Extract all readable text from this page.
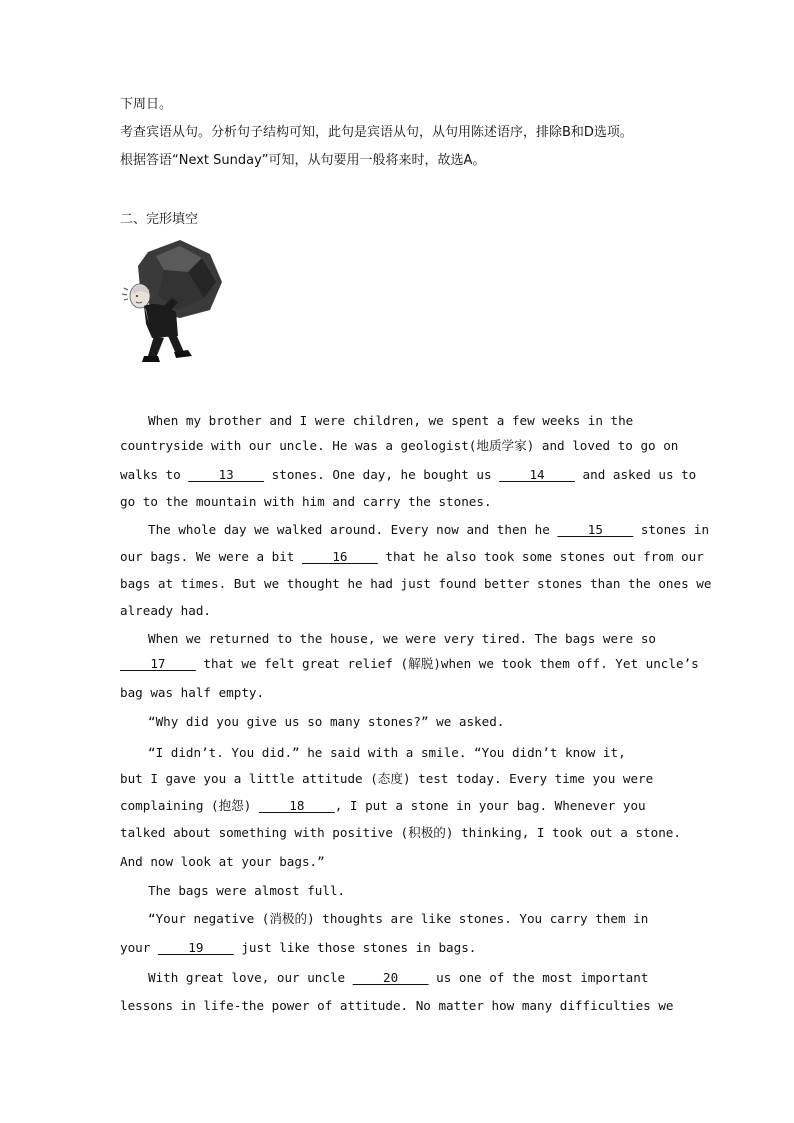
下周日。
考查宾语从句。分析句子结构可知，此句是宾语从句，从句用陈述语序，排除B和D选项。
根据答语“Next Sunday”可知，从句要用一般将来时，故选A。
二、完形填空
When my brother and I were children, we spent a few weeks in the
countryside with our uncle. He was a geologist(地质学家) and loved to go on
walks to     13     stones. One day, he bought us     14     and asked us to
go to the mountain with him and carry the stones.
The whole day we walked around. Every now and then he     15     stones in
our bags. We were a bit     16     that he also took some stones out from our
bags at times. But we thought he had just found better stones than the ones we
already had.
When we returned to the house, we were very tired. The bags were so
17     that we felt great relief (解脱)when we took them off. Yet uncle’s
bag was half empty.
“Why did you give us so many stones?” we asked.
“I didn’t. You did.” he said with a smile. “You didn’t know it,
but I gave you a little attitude (态度) test today. Every time you were
complaining (抱怨)     18    , I put a stone in your bag. Whenever you
talked about something with positive (积极的) thinking, I took out a stone.
And now look at your bags.”
The bags were almost full.
“Your negative (消极的) thoughts are like stones. You carry them in
your     19     just like those stones in bags.
With great love, our uncle     20     us one of the most important
lessons in life-the power of attitude. No matter how many difficulties we
